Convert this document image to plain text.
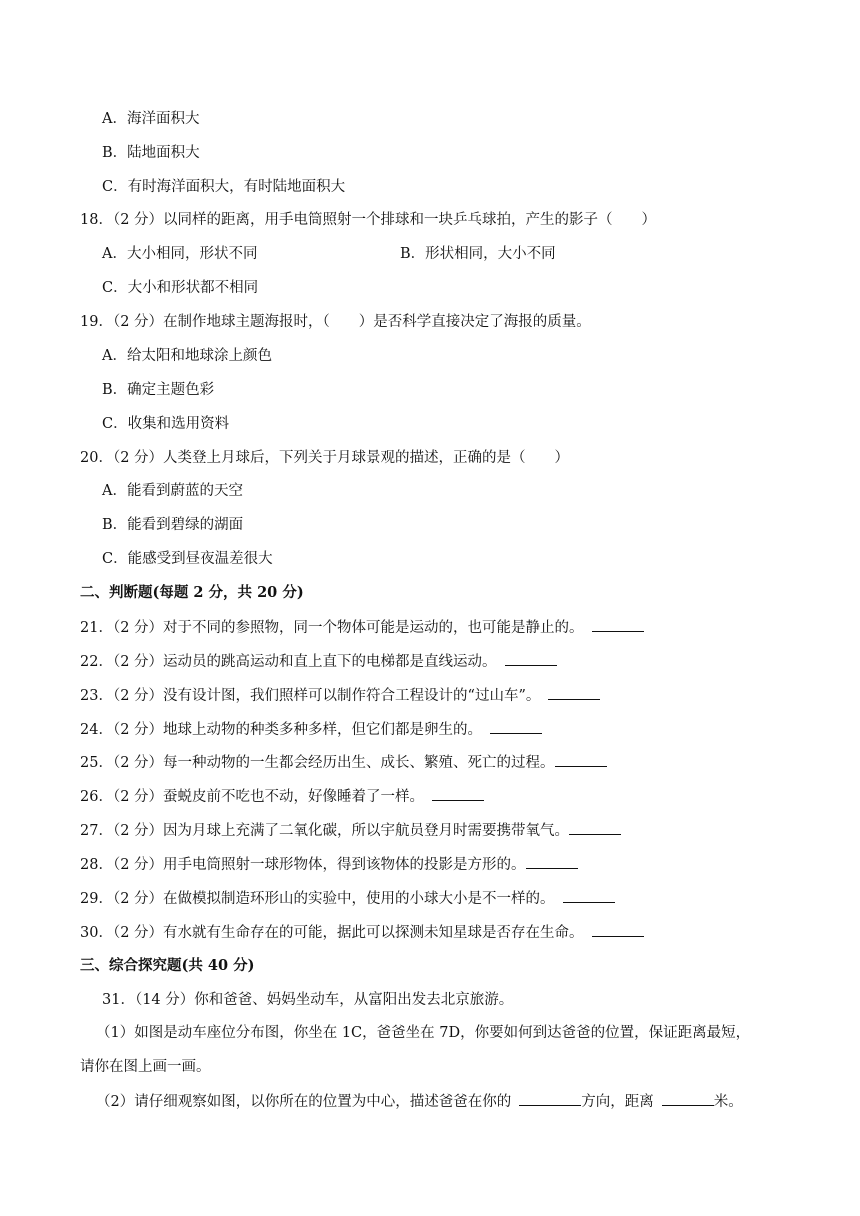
A．海洋面积大
B．陆地面积大
C．有时海洋面积大，有时陆地面积大
18．（2 分）以同样的距离，用手电筒照射一个排球和一块乒乓球拍，产生的影子（　　）
A．大小相同，形状不同	B．形状相同，大小不同
C．大小和形状都不相同
19．（2 分）在制作地球主题海报时，（　　）是否科学直接决定了海报的质量。
A．给太阳和地球涂上颜色
B．确定主题色彩
C．收集和选用资料
20．（2 分）人类登上月球后，下列关于月球景观的描述，正确的是（　　）
A．能看到蔚蓝的天空
B．能看到碧绿的湖面
C．能感受到昼夜温差很大
二、判断题(每题 2 分，共 20 分)
21．（2 分）对于不同的参照物，同一个物体可能是运动的，也可能是静止的。
22．（2 分）运动员的跳高运动和直上直下的电梯都是直线运动。
23．（2 分）没有设计图，我们照样可以制作符合工程设计的“过山车”。
24．（2 分）地球上动物的种类多种多样，但它们都是卵生的。
25．（2 分）每一种动物的一生都会经历出生、成长、繁殖、死亡的过程。
26．（2 分）蚕蜕皮前不吃也不动，好像睡着了一样。
27．（2 分）因为月球上充满了二氧化碳，所以宇航员登月时需要携带氧气。
28．（2 分）用手电筒照射一球形物体，得到该物体的投影是方形的。
29．（2 分）在做模拟制造环形山的实验中，使用的小球大小是不一样的。
30．（2 分）有水就有生命存在的可能，据此可以探测未知星球是否存在生命。
三、综合探究题(共 40 分)
31．（14 分）你和爸爸、妈妈坐动车，从富阳出发去北京旅游。
（1）如图是动车座位分布图，你坐在 1C，爸爸坐在 7D，你要如何到达爸爸的位置，保证距离最短，
请你在图上画一画。
（2）请仔细观察如图，以你所在的位置为中心，描述爸爸在你的	方向，距离	米。
